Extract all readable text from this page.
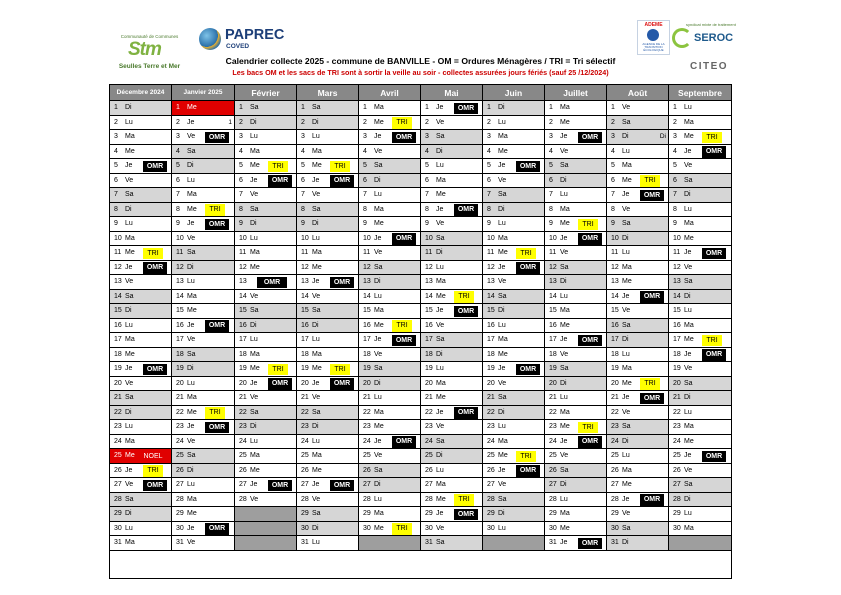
Communauté de Communes
Stm
Seulles Terre et Mer
PAPREC
COVED
ADEME
AGENCE DE LA TRANSITION ÉCOLOGIQUE
syndicat mixte de traitement
SEROC
CITEO
Calendrier collecte 2025 - commune de BANVILLE - OM = Ordures Ménagères / TRI = Tri sélectif
Les bacs OM et les sacs de TRI sont à sortir la veille au soir - collectes assurées jours fériés (sauf 25 /12/2024)
Décembre 2024
1 Di
2 Lu
3 Ma
4 Me
5 Je	OMR
6 Ve
7 Sa
8 Di
9 Lu
10 Ma
11 Me	TRI
12 Je	OMR
13 Ve
14 Sa
15 Di
16 Lu
17 Ma
18 Me
19 Je	OMR
20 Ve
21 Sa
22 Di
23 Lu
24 Ma
25 Me NOEL
26 Je	TRI
27 Ve	OMR
28 Sa
29 Di
30 Lu
31 Ma
Janvier 2025
1 Me
2 Je	1
3 Ve	OMR
4 Sa
5 Di
6 Lu
7 Ma
8 Me	TRI
9 Je	OMR
10 Ve
11 Sa
12 Di
13 Lu
14 Ma
15 Me
16 Je	OMR
17 Ve
18 Sa
19 Di
20 Lu
21 Ma
22 Me	TRI
23 Je	OMR
24 Ve
25 Sa
26 Di
27 Lu
28 Ma
29 Me
30 Je	OMR
31 Ve
Février
1 Sa
2 Di
3 Lu
4 Ma
5 Me	TRI
6 Je	OMR
7 Ve
8 Sa
9 Di
10 Lu
11 Ma
12 Me
13	OMR
14 Ve
15 Sa
16 Di
17 Lu
18 Ma
19 Me	TRI
20 Je	OMR
21 Ve
22 Sa
23 Di
24 Lu
25 Ma
26 Me
27 Je	OMR
28 Ve
Mars
1 Sa
2 Di
3 Lu
4 Ma
5 Me	TRI
6 Je	OMR
7 Ve
8 Sa
9 Di
10 Lu
11 Ma
12 Me
13 Je	OMR
14 Ve
15 Sa
16 Di
17 Lu
18 Ma
19 Me	TRI
20 Je	OMR
21 Ve
22 Sa
23 Di
24 Lu
25 Ma
26 Me
27 Je	OMR
28 Ve
29 Sa
30 Di
31 Lu
Avril
1 Ma
2 Me	TRI
3 Je	OMR
4 Ve
5 Sa
6 Di
7 Lu
8 Ma
9 Me
10 Je	OMR
11 Ve
12 Sa
13 Di
14 Lu
15 Ma
16 Me	TRI
17 Je	OMR
18 Ve
19 Sa
20 Di
21 Lu
22 Ma
23 Me
24 Je	OMR
25 Ve
26 Sa
27 Di
28 Lu
29 Ma
30 Me	TRI
Mai
1 Je	OMR
2 Ve
3 Sa
4 Di
5 Lu
6 Ma
7 Me
8 Je	OMR
9 Ve
10 Sa
11 Di
12 Lu
13 Ma
14 Me	TRI
15 Je	OMR
16 Ve
17 Sa
18 Di
19 Lu
20 Ma
21 Me
22 Je	OMR
23 Ve
24 Sa
25 Di
26 Lu
27 Ma
28 Me	TRI
29 Je	OMR
30 Ve
31 Sa
Juin
1 Di
2 Lu
3 Ma
4 Me
5 Je	OMR
6 Ve
7 Sa
8 Di
9 Lu
10 Ma
11 Me	TRI
12 Je	OMR
13 Ve
14 Sa
15 Di
16 Lu
17 Ma
18 Me
19 Je	OMR
20 Ve
21 Sa
22 Di
23 Lu
24 Ma
25 Me	TRI
26 Je	OMR
27 Ve
28 Sa
29 Di
30 Lu
Juillet
1 Ma
2 Me
3 Je	OMR
4 Ve
5 Sa
6 Di
7 Lu
8 Ma
9 Me	TRI
10 Je	OMR
11 Ve
12 Sa
13 Di
14 Lu
15 Ma
16 Me
17 Je	OMR
18 Ve
19 Sa
20 Di
21 Lu
22 Ma
23 Me	TRI
24 Je	OMR
25 Ve
26 Sa
27 Di
28 Lu
29 Ma
30 Me
31 Je	OMR
Août
1 Ve
2 Sa
3 Di	Di
4 Lu
5 Ma
6 Me	TRI
7 Je	OMR
8 Ve
9 Sa
10 Di
11 Lu
12 Ma
13 Me
14 Je	OMR
15 Ve
16 Sa
17 Di
18 Lu
19 Ma
20 Me	TRI
21 Je	OMR
22 Ve
23 Sa
24 Di
25 Lu
26 Ma
27 Me
28 Je	OMR
29 Ve
30 Sa
31 Di
Septembre
1 Lu
2 Ma
3 Me	TRI
4 Je	OMR
5 Ve
6 Sa
7 Di
8 Lu
9 Ma
10 Me
11 Je	OMR
12 Ve
13 Sa
14 Di
15 Lu
16 Ma
17 Me	TRI
18 Je	OMR
19 Ve
20 Sa
21 Di
22 Lu
23 Ma
24 Me
25 Je	OMR
26 Ve
27 Sa
28 Di
29 Lu
30 Ma
